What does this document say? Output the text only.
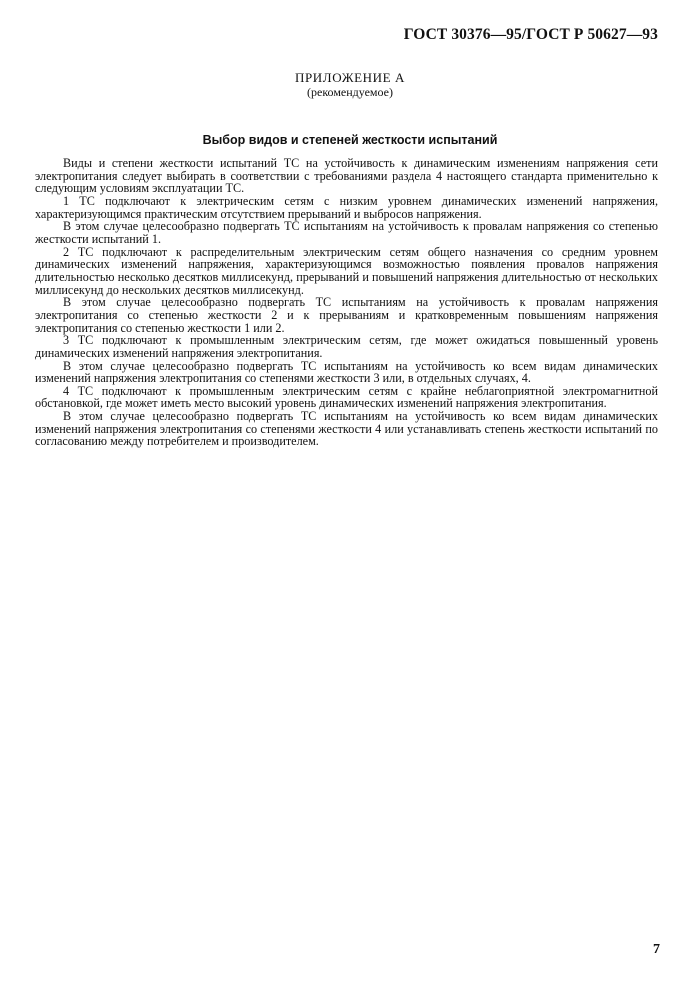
ГОСТ 30376—95/ГОСТ Р 50627—93
ПРИЛОЖЕНИЕ А
(рекомендуемое)
Выбор видов и степеней жесткости испытаний

Виды и степени жесткости испытаний ТС на устойчивость к динамическим изменениям напряжения сети электропитания следует выбирать в соответствии с требованиями раздела 4 настоящего стандарта применительно к следующим условиям эксплуатации ТС.

1 ТС подключают к электрическим сетям с низким уровнем динамических изменений напряжения, характеризующимся практическим отсутствием прерываний и выбросов напряжения.

В этом случае целесообразно подвергать ТС испытаниям на устойчивость к провалам напряжения со степенью жесткости испытаний 1.

2 ТС подключают к распределительным электрическим сетям общего назначения со средним уровнем динамических изменений напряжения, характеризующимся возможностью появления провалов напряжения длительностью несколько десятков миллисекунд, прерываний и повышений напряжения длительностью от нескольких миллисекунд до нескольких десятков миллисекунд.

В этом случае целесообразно подвергать ТС испытаниям на устойчивость к провалам напряжения электропитания со степенью жесткости 2 и к прерываниям и кратковременным повышениям напряжения электропитания со степенью жесткости 1 или 2.

3 ТС подключают к промышленным электрическим сетям, где может ожидаться повышенный уровень динамических изменений напряжения электропитания.

В этом случае целесообразно подвергать ТС испытаниям на устойчивость ко всем видам динамических изменений напряжения электропитания со степенями жесткости 3 или, в отдельных случаях, 4.

4 ТС подключают к промышленным электрическим сетям с крайне неблагоприятной электромагнитной обстановкой, где может иметь место высокий уровень динамических изменений напряжения электропитания.

В этом случае целесообразно подвергать ТС испытаниям на устойчивость ко всем видам динамических изменений напряжения электропитания со степенями жесткости 4 или устанавливать степень жесткости испытаний по согласованию между потребителем и производителем.

7
